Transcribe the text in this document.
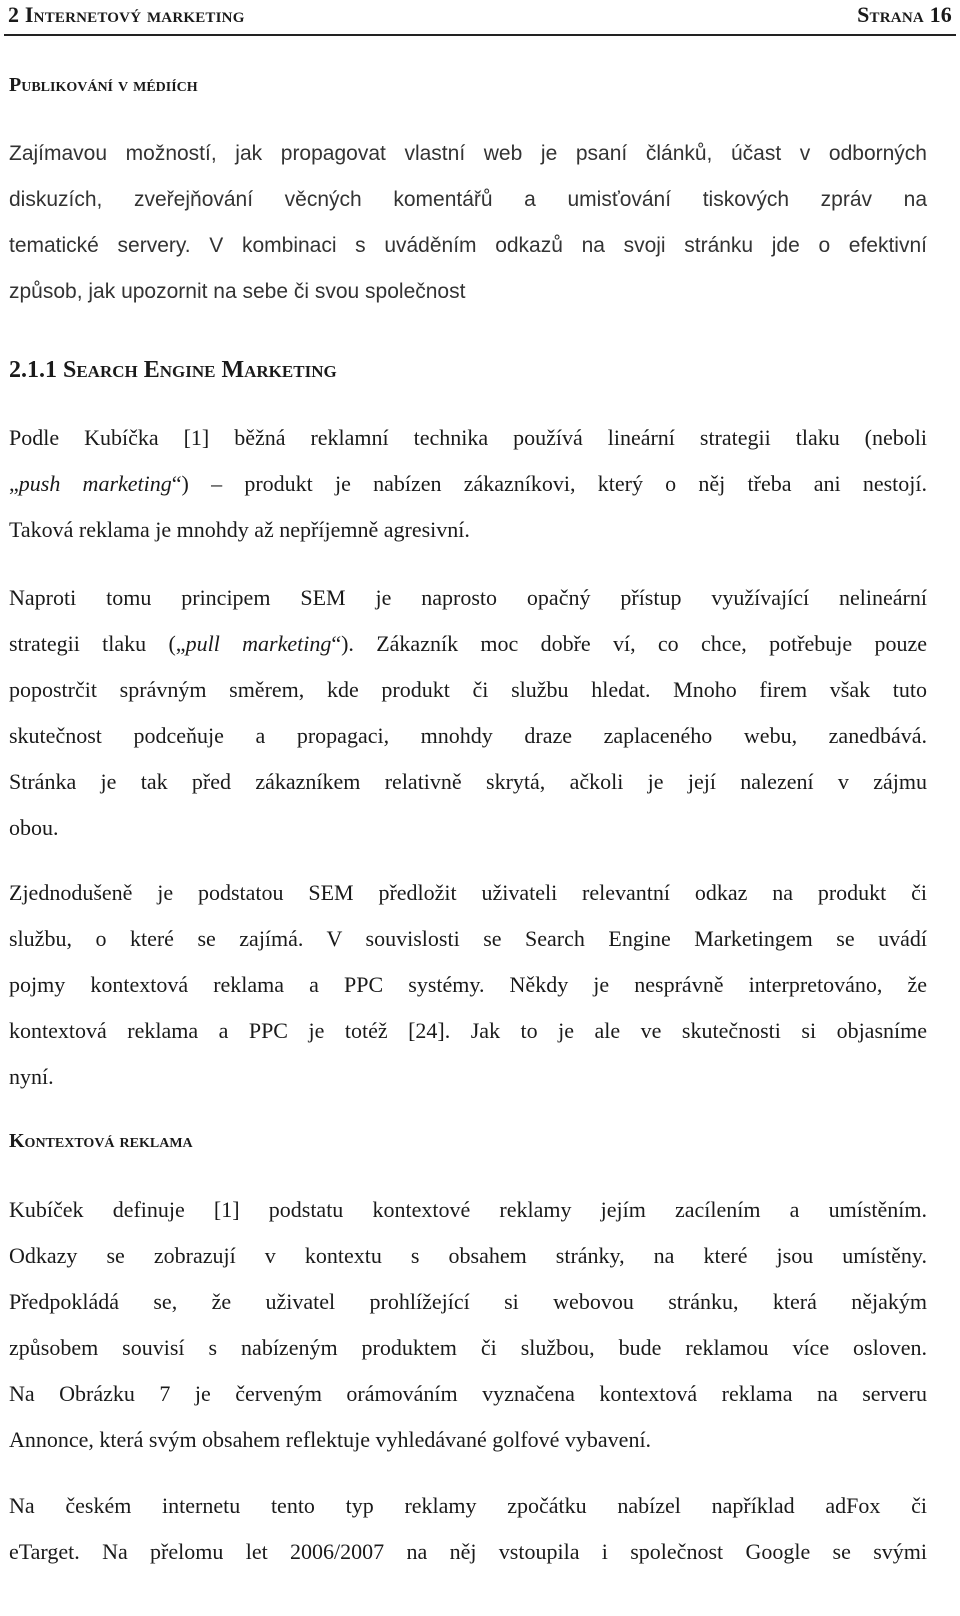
2 Internetový marketing	Strana 16
Publikování v médiích
Zajímavou možností, jak propagovat vlastní web je psaní článků, účast v odborných
diskuzích, zveřejňování věcných komentářů a umisťování tiskových zpráv na
tematické servery. V kombinaci s uváděním odkazů na svoji stránku jde o efektivní
způsob, jak upozornit na sebe či svou společnost
2.1.1 Search Engine Marketing
Podle Kubíčka [1] běžná reklamní technika používá lineární strategii tlaku (neboli
„push marketing“) – produkt je nabízen zákazníkovi, který o něj třeba ani nestojí.
Taková reklama je mnohdy až nepříjemně agresivní.
Naproti tomu principem SEM je naprosto opačný přístup využívající nelineární
strategii tlaku („pull marketing“). Zákazník moc dobře ví, co chce, potřebuje pouze
popostrčit správným směrem, kde produkt či službu hledat. Mnoho firem však tuto
skutečnost podceňuje a propagaci, mnohdy draze zaplaceného webu, zanedbává.
Stránka je tak před zákazníkem relativně skrytá, ačkoli je její nalezení v zájmu
obou.
Zjednodušeně je podstatou SEM předložit uživateli relevantní odkaz na produkt či
službu, o které se zajímá. V souvislosti se Search Engine Marketingem se uvádí
pojmy kontextová reklama a PPC systémy. Někdy je nesprávně interpretováno, že
kontextová reklama a PPC je totéž [24]. Jak to je ale ve skutečnosti si objasníme
nyní.
Kontextová reklama
Kubíček definuje [1] podstatu kontextové reklamy jejím zacílením a umístěním.
Odkazy se zobrazují v kontextu s obsahem stránky, na které jsou umístěny.
Předpokládá se, že uživatel prohlížející si webovou stránku, která nějakým
způsobem souvisí s nabízeným produktem či službou, bude reklamou více osloven.
Na Obrázku 7 je červeným orámováním vyznačena kontextová reklama na serveru
Annonce, která svým obsahem reflektuje vyhledávané golfové vybavení.
Na českém internetu tento typ reklamy zpočátku nabízel například adFox či
eTarget. Na přelomu let 2006/2007 na něj vstoupila i společnost Google se svými
